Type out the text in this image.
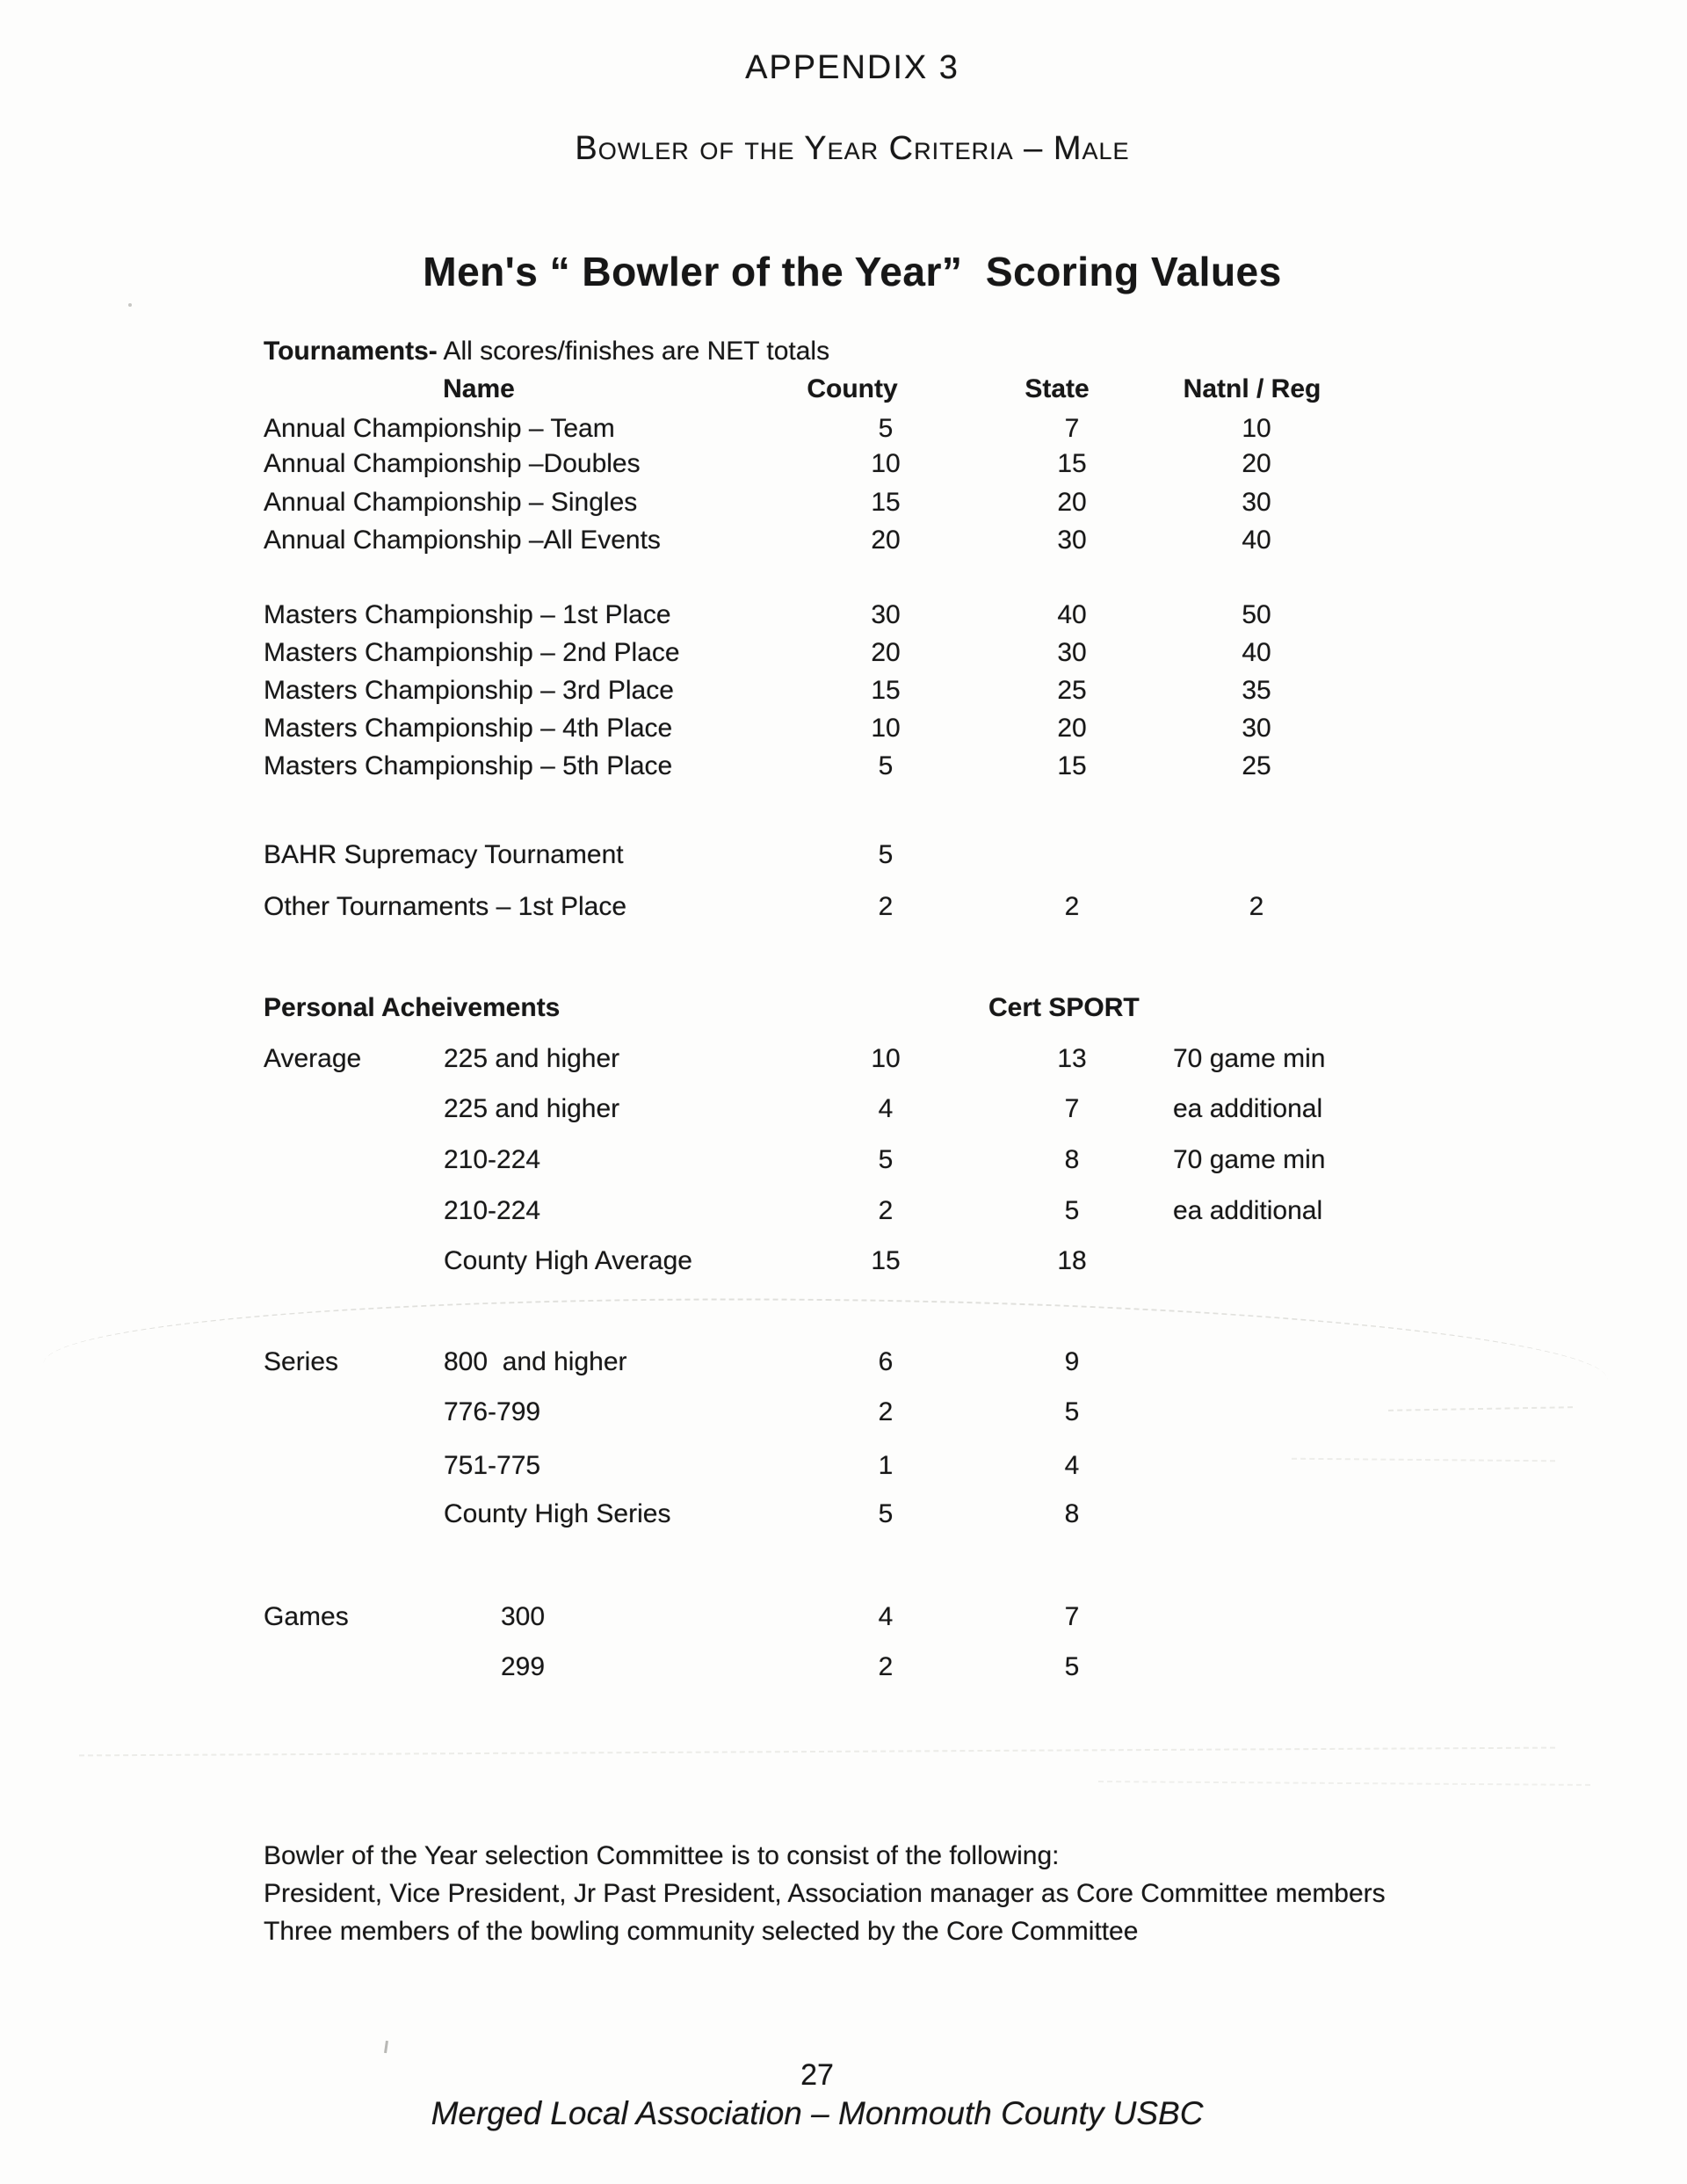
APPENDIX 3
Bowler of the Year Criteria – Male
Men's “ Bowler of the Year”  Scoring Values
Tournaments- All scores/finishes are NET totals
Name	County	State	Natnl / Reg
Annual Championship – Team	5	7	10
Annual Championship –Doubles	10	15	20
Annual Championship – Singles	15	20	30
Annual Championship –All Events	20	30	40
Masters Championship – 1st Place	30	40	50
Masters Championship – 2nd Place	20	30	40
Masters Championship – 3rd Place	15	25	35
Masters Championship – 4th Place	10	20	30
Masters Championship – 5th Place	5	15	25
BAHR Supremacy Tournament	5
Other Tournaments – 1st Place	2	2	2
Personal Acheivements	Cert SPORT
Average	225 and higher	10	13	70 game min
225 and higher	4	7	ea additional
210-224	5	8	70 game min
210-224	2	5	ea additional
County High Average	15	18
Series	800  and higher	6	9
776-799	2	5
751-775	1	4
County High Series	5	8
Games	300	4	7
299	2	5
Bowler of the Year selection Committee is to consist of the following:
President, Vice President, Jr Past President, Association manager as Core Committee members
Three members of the bowling community selected by the Core Committee
27
Merged Local Association – Monmouth County USBC
